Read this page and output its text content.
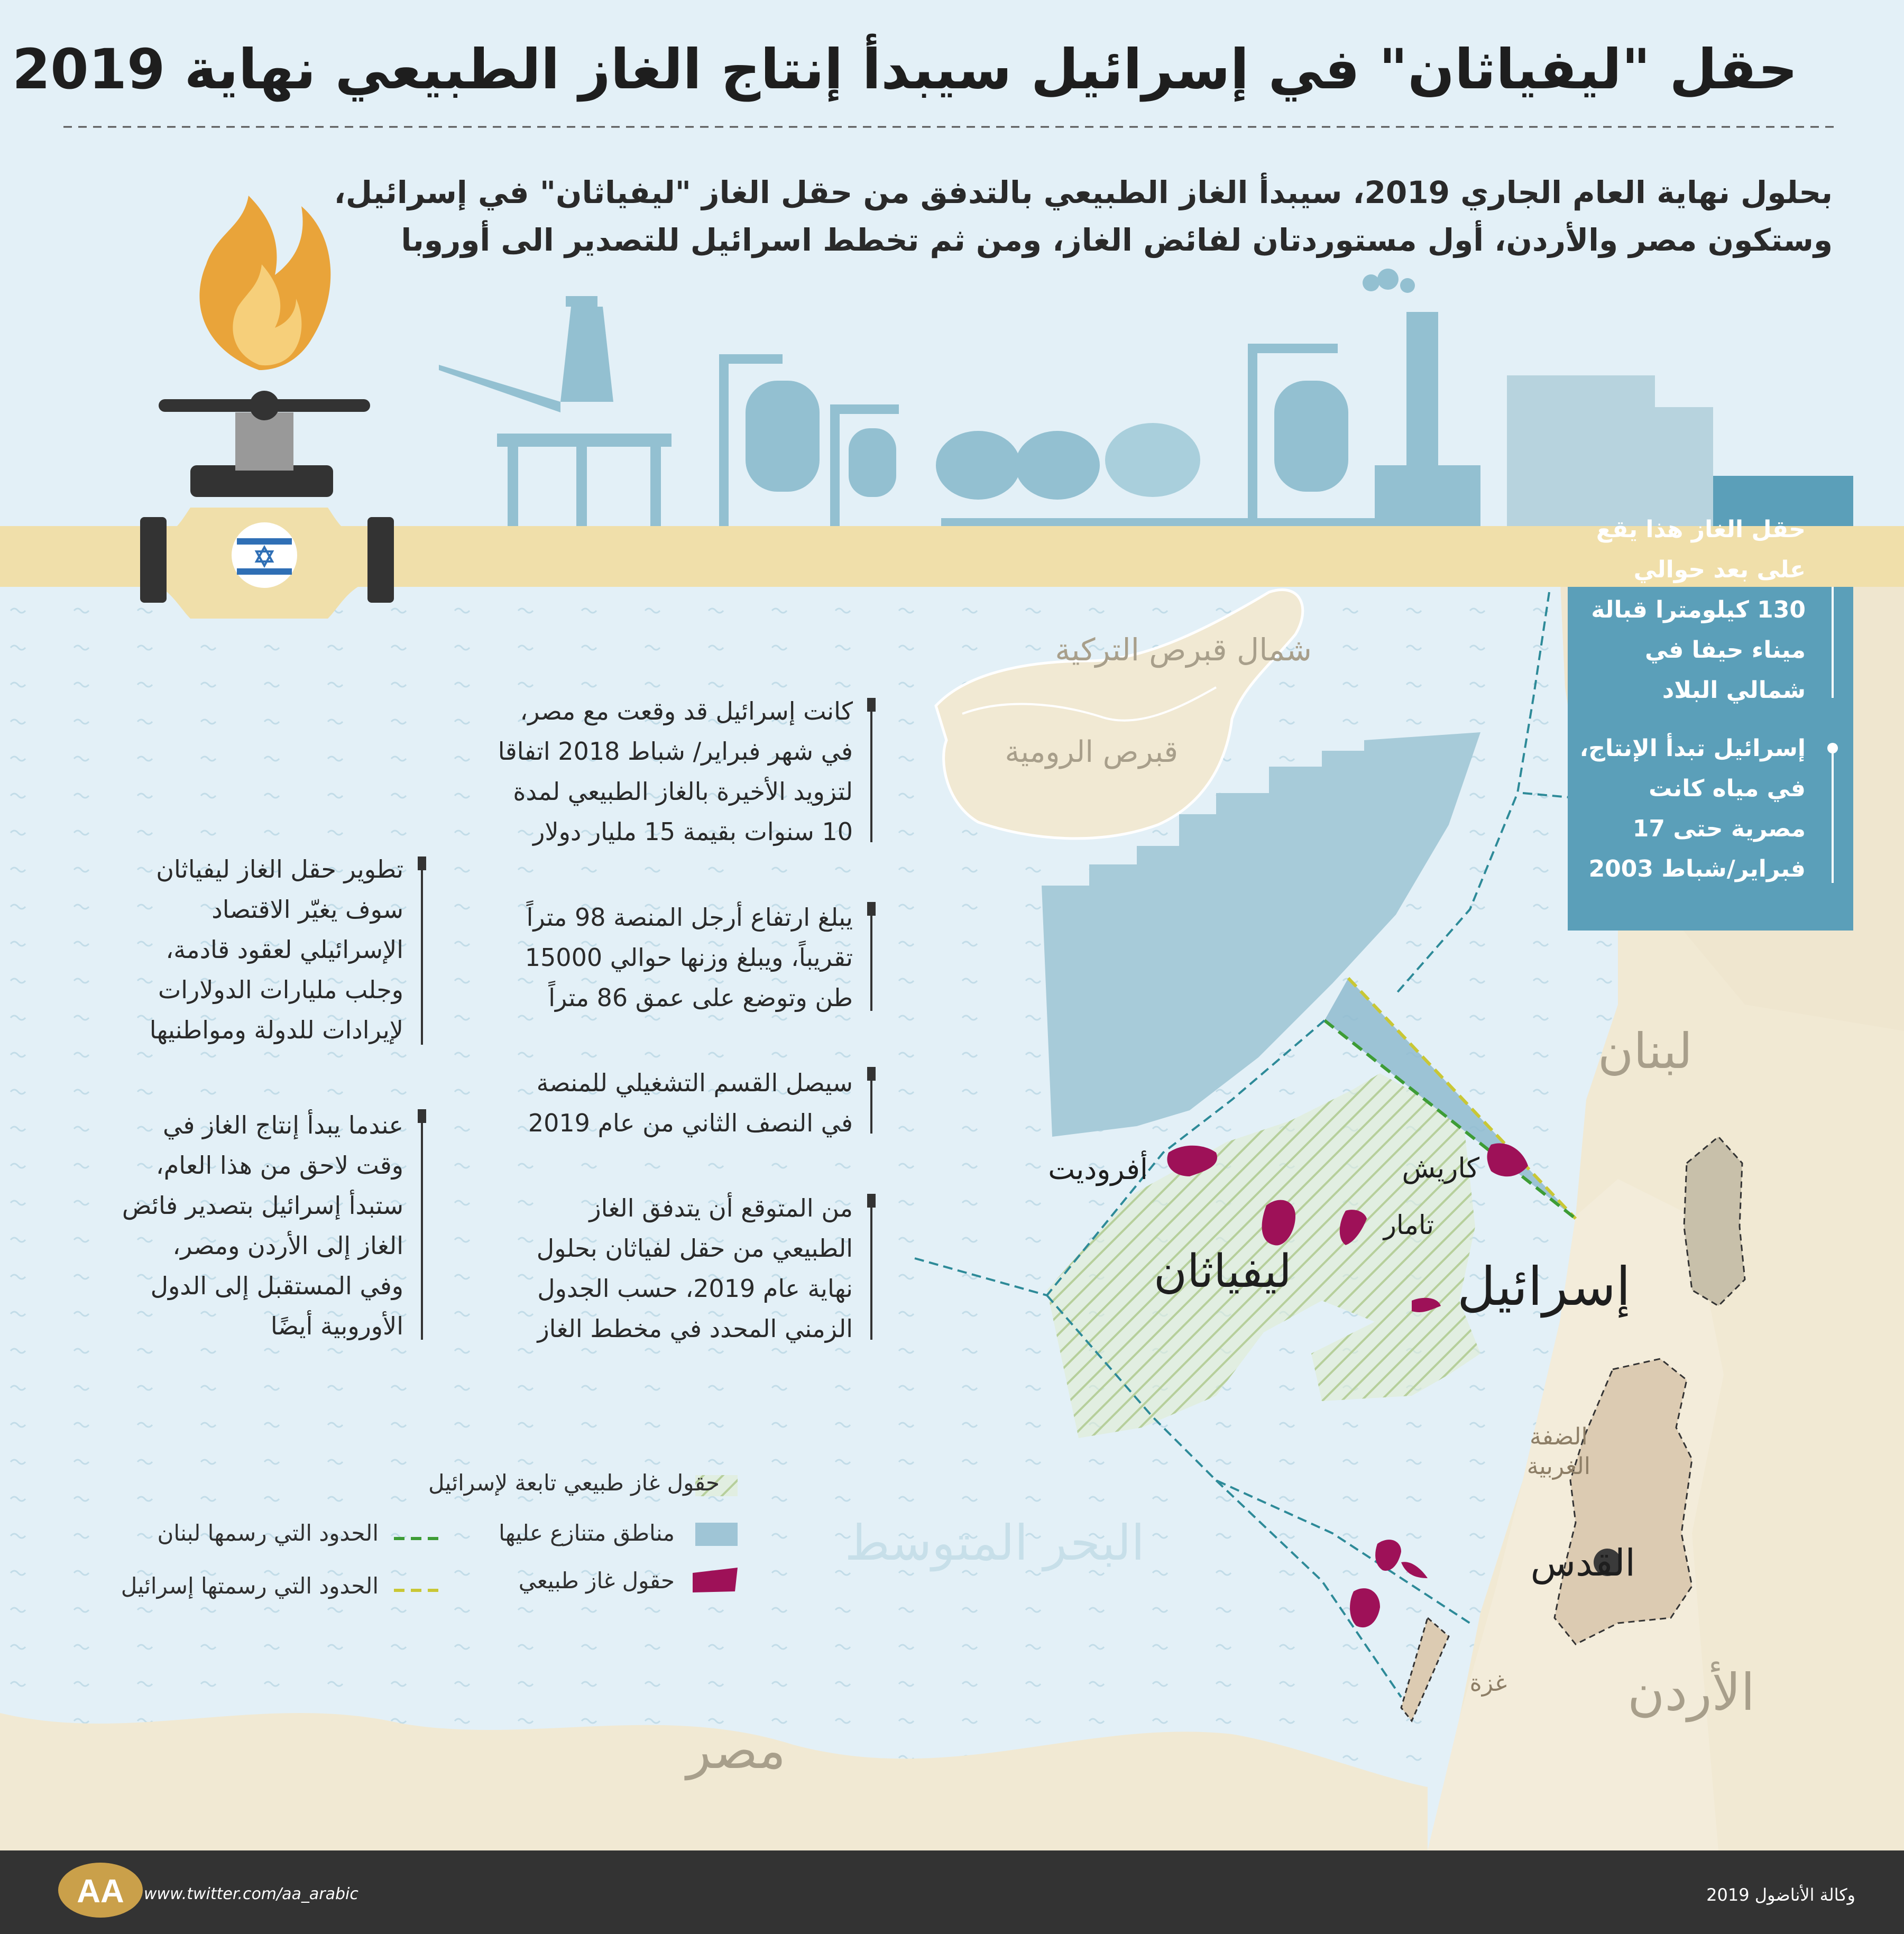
AA
حقل "ليفياثان" في إسرائيل سيبدأ إنتاج الغاز الطبيعي نهاية 2019
بحلول نهاية العام الجاري 2019، سيبدأ الغاز الطبيعي بالتدفق من حقل الغاز "ليفياثان" في إسرائيل،
وستكون مصر والأردن، أول مستوردتان لفائض الغاز، ومن ثم تخطط اسرائيل للتصدير الى أوروبا
حقل الغاز هذا يقع
على بعد حوالي
130 كيلومترا قبالة
ميناء حيفا في
شمالي البلاد
إسرائيل تبدأ الإنتاج،
في مياه كانت
مصرية حتى 17
فبراير/شباط 2003
كانت إسرائيل قد وقعت مع مصر،
في شهر فبراير/ شباط 2018 اتفاقا
لتزويد الأخيرة بالغاز الطبيعي لمدة
10 سنوات بقيمة 15 مليار دولار
يبلغ ارتفاع أرجل المنصة 98 متراً
تقريباً، ويبلغ وزنها حوالي 15000
طن وتوضع على عمق 86 متراً
سيصل القسم التشغيلي للمنصة
في النصف الثاني من عام 2019
من المتوقع أن يتدفق الغاز
الطبيعي من حقل لفياثان بحلول
نهاية عام 2019، حسب الجدول
الزمني المحدد في مخطط الغاز
تطوير حقل الغاز ليفياثان
سوف يغيّر الاقتصاد
الإسرائيلي لعقود قادمة،
وجلب مليارات الدولارات
لإيرادات للدولة ومواطنيها
عندما يبدأ إنتاج الغاز في
وقت لاحق من هذا العام،
ستبدأ إسرائيل بتصدير فائض
الغاز إلى الأردن ومصر،
وفي المستقبل إلى الدول
الأوروبية أيضًا
شمال قبرص التركية
قبرص الرومية
لبنان
إسرائيل
الضفة
الغربية
القدس
غزة الأردن
مصر
البحر المتوسط
ليفياثان
تامار
كاريش
أفروديت
حقول غاز طبيعي تابعة لإسرائيل
مناطق متنازع عليها
حقول غاز طبيعي
الحدود التي رسمها لبنان
الحدود التي رسمتها إسرائيل
www.twitter.com/aa_arabic	وكالة الأناضول 2019
